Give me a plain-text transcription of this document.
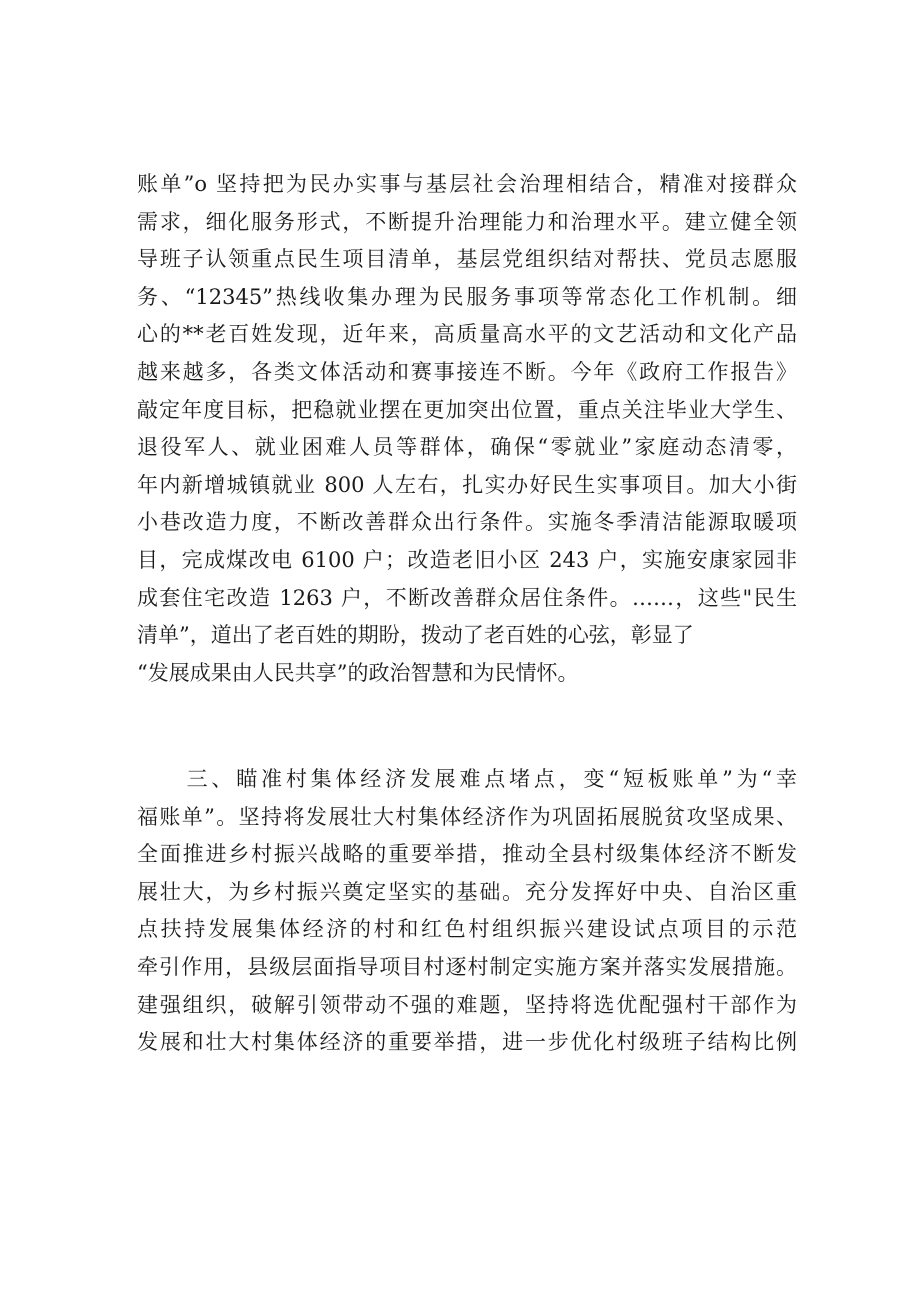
账单”o 坚持把为民办实事与基层社会治理相结合，精准对接群众
需求，细化服务形式，不断提升治理能力和治理水平。建立健全领
导班子认领重点民生项目清单，基层党组织结对帮扶、党员志愿服
务、“12345”热线收集办理为民服务事项等常态化工作机制。细
心的**老百姓发现，近年来，高质量高水平的文艺活动和文化产品
越来越多，各类文体活动和赛事接连不断。今年《政府工作报告》
敲定年度目标，把稳就业摆在更加突出位置，重点关注毕业大学生、
退役军人、就业困难人员等群体，确保“零就业”家庭动态清零，
年内新增城镇就业 800 人左右，扎实办好民生实事项目。加大小街
小巷改造力度，不断改善群众出行条件。实施冬季清洁能源取暖项
目，完成煤改电 6100 户；改造老旧小区 243 户，实施安康家园非
成套住宅改造 1263 户，不断改善群众居住条件。……，这些"民生
清单”，道出了老百姓的期盼，拨动了老百姓的心弦，彰显了
“发展成果由人民共享”的政治智慧和为民情怀。
　　三、瞄准村集体经济发展难点堵点，变“短板账单”为“幸
福账单”。坚持将发展壮大村集体经济作为巩固拓展脱贫攻坚成果、
全面推进乡村振兴战略的重要举措，推动全县村级集体经济不断发
展壮大，为乡村振兴奠定坚实的基础。充分发挥好中央、自治区重
点扶持发展集体经济的村和红色村组织振兴建设试点项目的示范
牵引作用，县级层面指导项目村逐村制定实施方案并落实发展措施。
建强组织，破解引领带动不强的难题，坚持将选优配强村干部作为
发展和壮大村集体经济的重要举措，进一步优化村级班子结构比例
